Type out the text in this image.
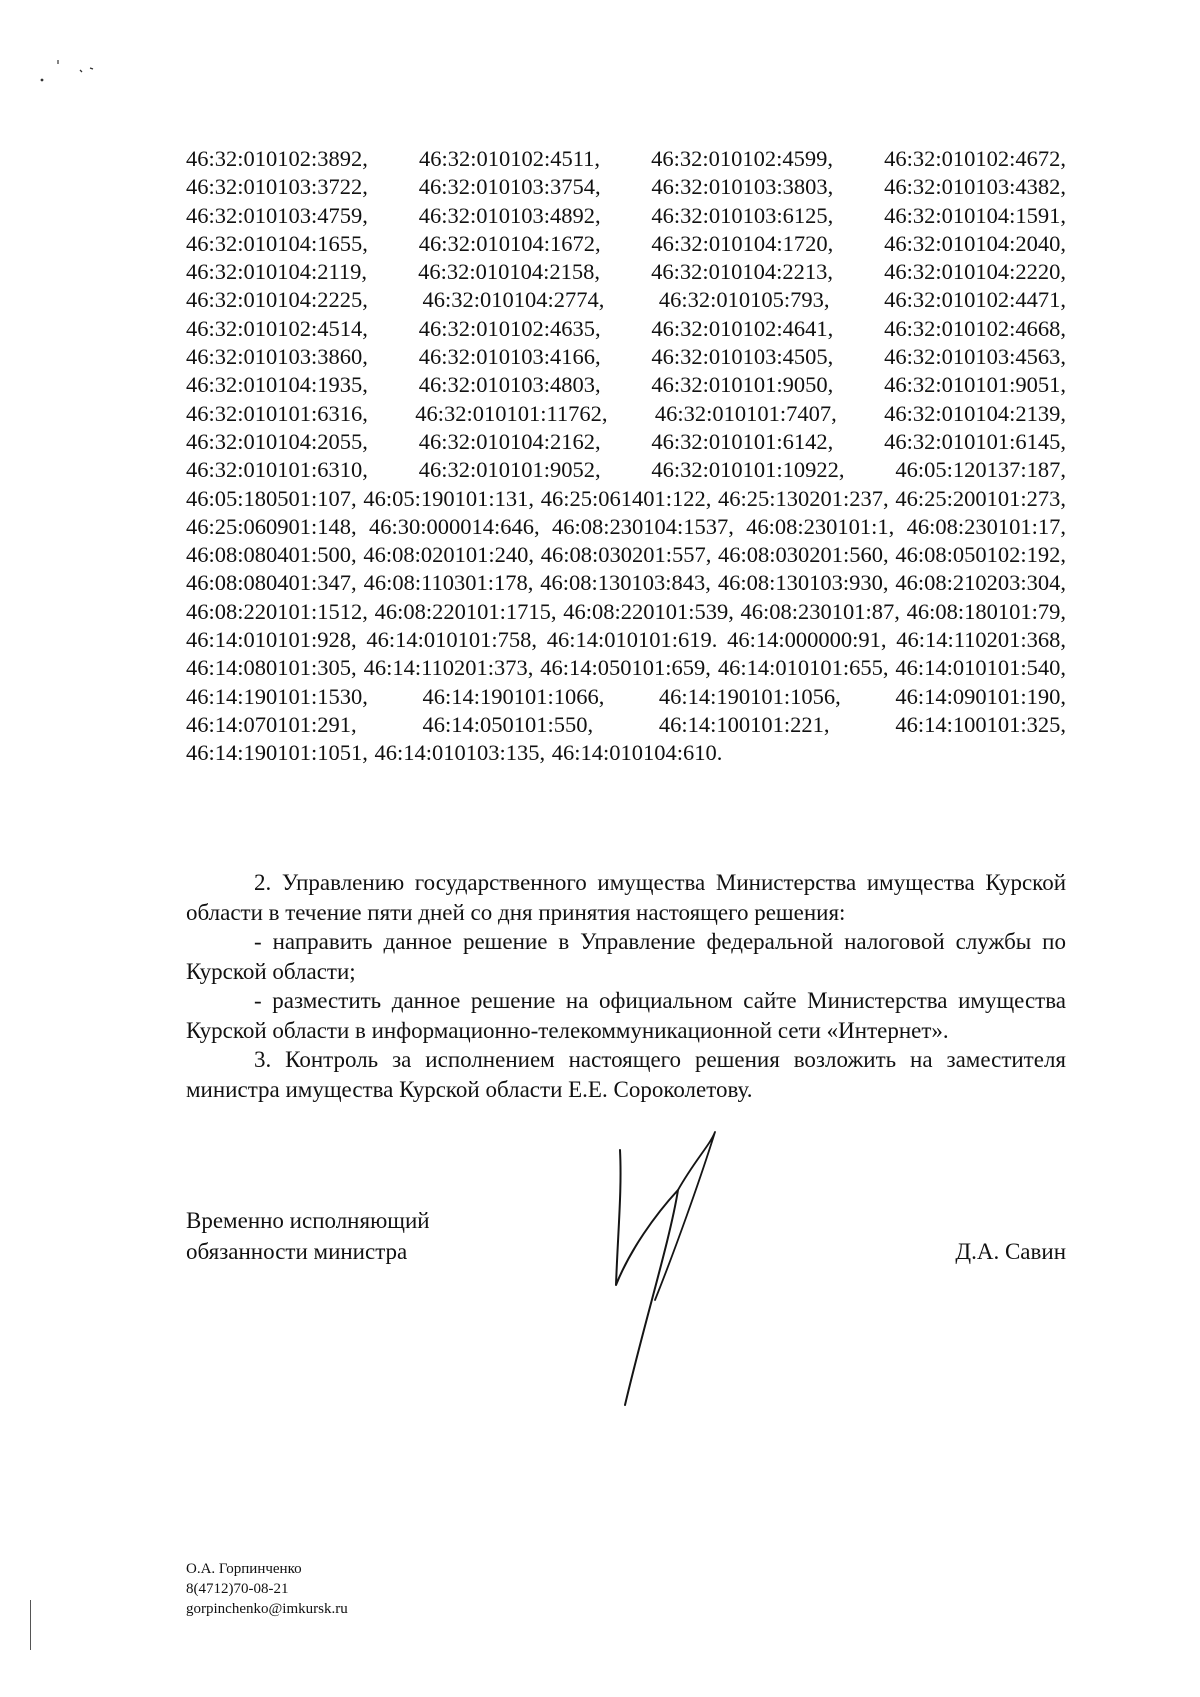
46:32:010102:3892, 46:32:010102:4511, 46:32:010102:4599, 46:32:010102:4672, 46:32:010103:3722, 46:32:010103:3754, 46:32:010103:3803, 46:32:010103:4382, 46:32:010103:4759, 46:32:010103:4892, 46:32:010103:6125, 46:32:010104:1591, 46:32:010104:1655, 46:32:010104:1672, 46:32:010104:1720, 46:32:010104:2040, 46:32:010104:2119, 46:32:010104:2158, 46:32:010104:2213, 46:32:010104:2220, 46:32:010104:2225, 46:32:010104:2774, 46:32:010105:793, 46:32:010102:4471, 46:32:010102:4514, 46:32:010102:4635, 46:32:010102:4641, 46:32:010102:4668, 46:32:010103:3860, 46:32:010103:4166, 46:32:010103:4505, 46:32:010103:4563, 46:32:010104:1935, 46:32:010103:4803, 46:32:010101:9050, 46:32:010101:9051, 46:32:010101:6316, 46:32:010101:11762, 46:32:010101:7407, 46:32:010104:2139, 46:32:010104:2055, 46:32:010104:2162, 46:32:010101:6142, 46:32:010101:6145, 46:32:010101:6310, 46:32:010101:9052, 46:32:010101:10922, 46:05:120137:187, 46:05:180501:107, 46:05:190101:131, 46:25:061401:122, 46:25:130201:237, 46:25:200101:273, 46:25:060901:148, 46:30:000014:646, 46:08:230104:1537, 46:08:230101:1, 46:08:230101:17, 46:08:080401:500, 46:08:020101:240, 46:08:030201:557, 46:08:030201:560, 46:08:050102:192, 46:08:080401:347, 46:08:110301:178, 46:08:130103:843, 46:08:130103:930, 46:08:210203:304, 46:08:220101:1512, 46:08:220101:1715, 46:08:220101:539, 46:08:230101:87, 46:08:180101:79, 46:14:010101:928, 46:14:010101:758, 46:14:010101:619. 46:14:000000:91, 46:14:110201:368, 46:14:080101:305, 46:14:110201:373, 46:14:050101:659, 46:14:010101:655, 46:14:010101:540, 46:14:190101:1530, 46:14:190101:1066, 46:14:190101:1056, 46:14:090101:190, 46:14:070101:291,	46:14:050101:550,	46:14:100101:221,	46:14:100101:325, 46:14:190101:1051, 46:14:010103:135, 46:14:010104:610.

2. Управлению государственного имущества Министерства имущества Курской области в течение пяти дней со дня принятия настоящего решения:

- направить данное решение в Управление федеральной налоговой службы по Курской области;

- разместить данное решение на официальном сайте Министерства имущества Курской области в информационно-телекоммуникационной сети «Интернет».

3. Контроль за исполнением настоящего решения возложить на заместителя министра имущества Курской области Е.Е. Сороколетову.

Временно исполняющий
обязанности министра	Д.А. Савин
О.А. Горпинченко
8(4712)70-08-21
gorpinchenko@imkursk.ru
